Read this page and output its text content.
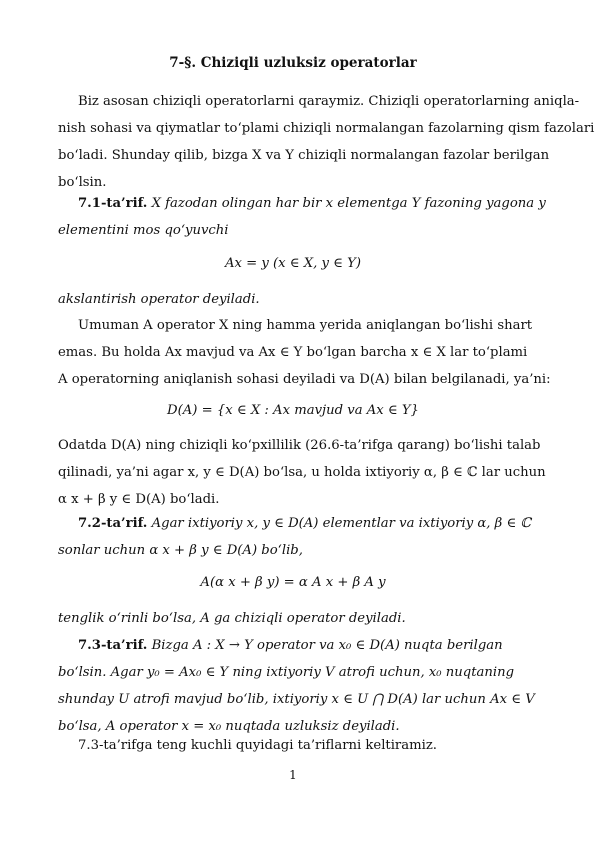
7-§. Chiziqli uzluksiz operatorlar
Biz asosan chiziqli operatorlarni qaraymiz. Chiziqli operatorlarning aniqla-
nish sohasi va qiymatlar toʻplami chiziqli normalangan fazolarning qism fazolari
boʻladi. Shunday qilib, bizga X va Y chiziqli normalangan fazolar berilgan
boʻlsin.
7.1-ta’rif. X fazodan olingan har bir x elementga Y fazoning yagona y
elementini mos qoʻyuvchi
Ax = y (x ∈ X, y ∈ Y)
akslantirish operator deyiladi.
Umuman A operator X ning hamma yerida aniqlangan boʻlishi shart
emas. Bu holda Ax mavjud va Ax ∈ Y boʻlgan barcha x ∈ X lar toʻplami
A operatorning aniqlanish sohasi deyiladi va D(A) bilan belgilanadi, ya’ni:
D(A) = {x ∈ X : Ax mavjud va Ax ∈ Y}
Odatda D(A) ning chiziqli koʻpxillilik (26.6-ta’rifga qarang) boʻlishi talab
qilinadi, ya’ni agar x, y ∈ D(A) boʻlsa, u holda ixtiyoriy α, β ∈ ℂ lar uchun
α x + β y ∈ D(A) boʻladi.
7.2-ta’rif. Agar ixtiyoriy x, y ∈ D(A) elementlar va ixtiyoriy α, β ∈ ℂ
sonlar uchun α x + β y ∈ D(A) boʻlib,
A(α x + β y) = α A x + β A y
tenglik oʻrinli boʻlsa, A ga chiziqli operator deyiladi.
7.3-ta’rif. Bizga A : X → Y operator va x₀ ∈ D(A) nuqta berilgan
boʻlsin. Agar y₀ = Ax₀ ∈ Y ning ixtiyoriy V atrofi uchun, x₀ nuqtaning
shunday U atrofi mavjud boʻlib, ixtiyoriy x ∈ U ⋂ D(A) lar uchun Ax ∈ V
boʻlsa, A operator x = x₀ nuqtada uzluksiz deyiladi.
7.3-ta’rifga teng kuchli quyidagi ta’riflarni keltiramiz.
1
